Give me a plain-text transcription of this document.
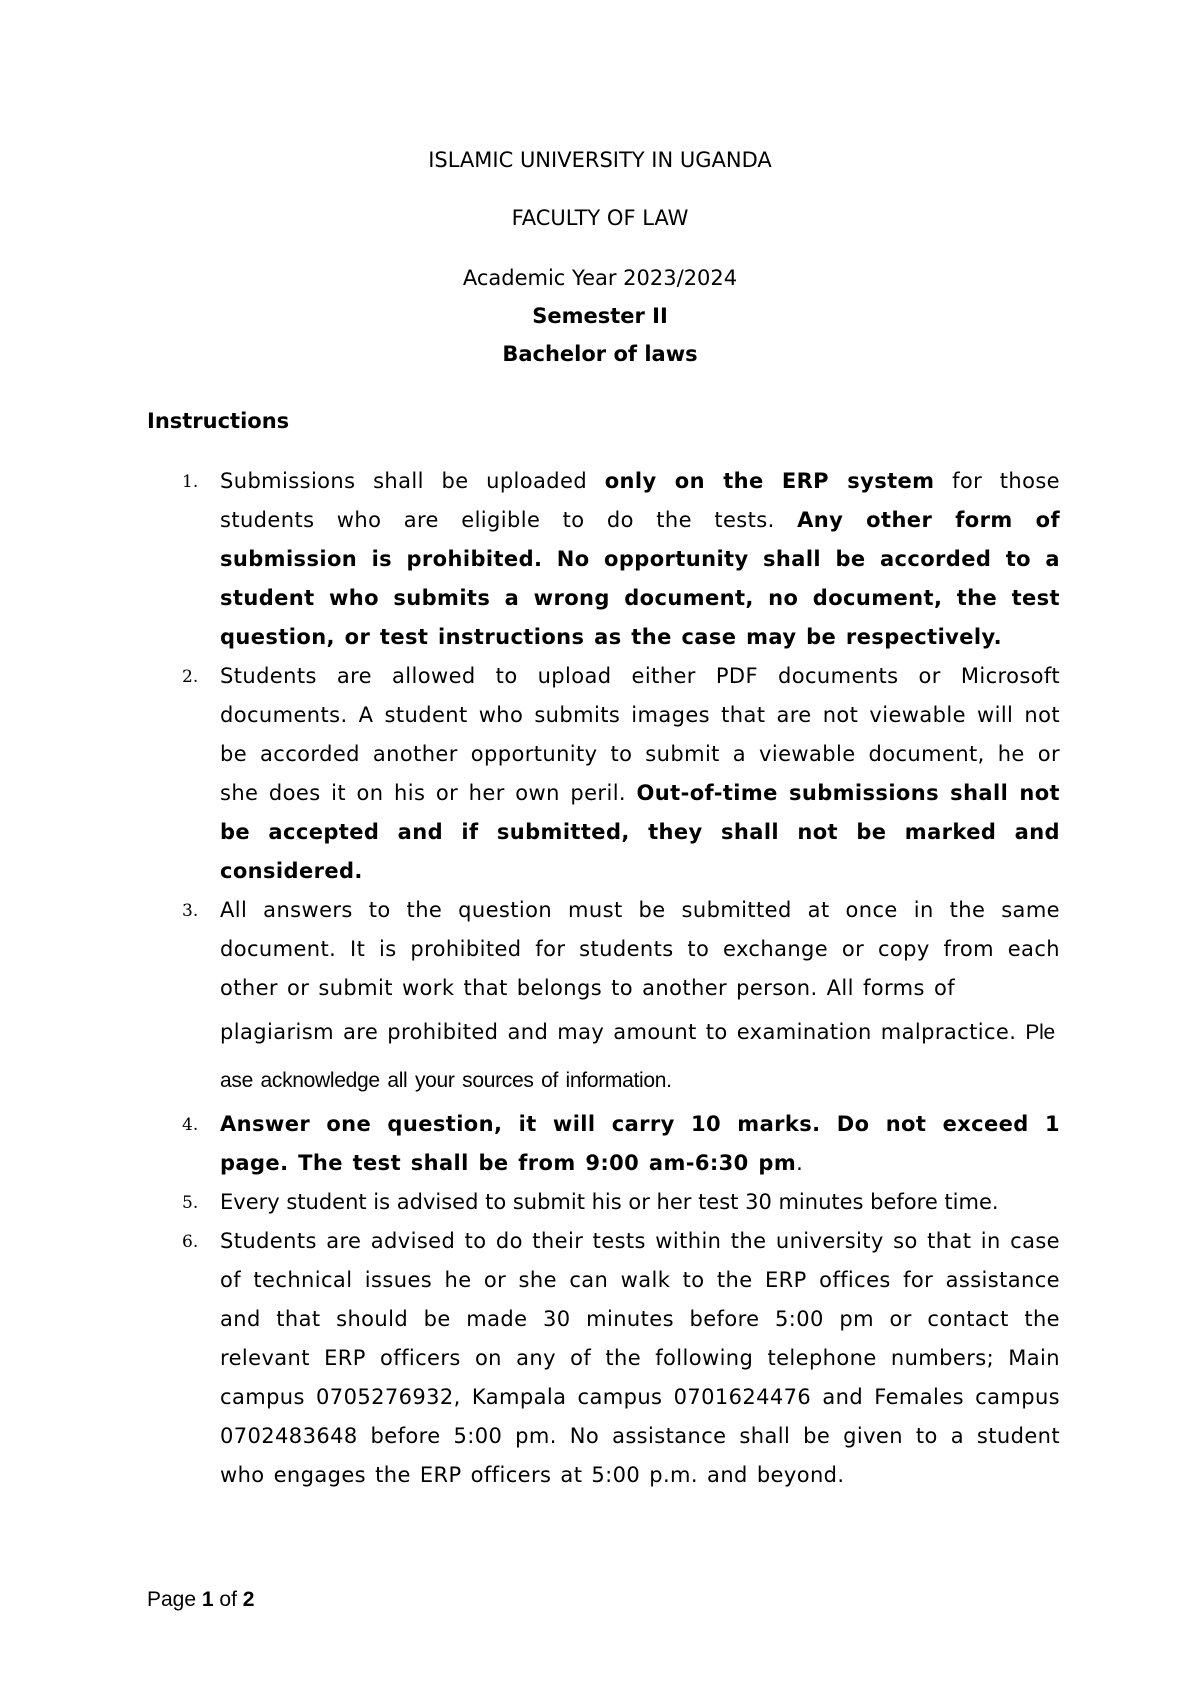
ISLAMIC UNIVERSITY IN UGANDA
FACULTY OF LAW
Academic Year 2023/2024
Semester II
Bachelor of laws
Instructions
1. Submissions shall be uploaded only on the ERP system for those students who are eligible to do the tests. Any other form of submission is prohibited. No opportunity shall be accorded to a student who submits a wrong document, no document, the test question, or test instructions as the case may be respectively.
2. Students are allowed to upload either PDF documents or Microsoft documents. A student who submits images that are not viewable will not be accorded another opportunity to submit a viewable document, he or she does it on his or her own peril. Out-of-time submissions shall not be accepted and if submitted, they shall not be marked and considered.
3. All answers to the question must be submitted at once in the same document. It is prohibited for students to exchange or copy from each other or submit work that belongs to another person. All forms of
plagiarism are prohibited and may amount to examination malpractice. Ple
ase acknowledge all your sources of information.
4. Answer one question, it will carry 10 marks. Do not exceed 1 page. The test shall be from 9:00 am-6:30 pm.
5. Every student is advised to submit his or her test 30 minutes before time.
6. Students are advised to do their tests within the university so that in case of technical issues he or she can walk to the ERP offices for assistance and that should be made 30 minutes before 5:00 pm or contact the relevant ERP officers on any of the following telephone numbers; Main campus 0705276932, Kampala campus 0701624476 and Females campus 0702483648 before 5:00 pm. No assistance shall be given to a student who engages the ERP officers at 5:00 p.m. and beyond.
Page 1 of 2
